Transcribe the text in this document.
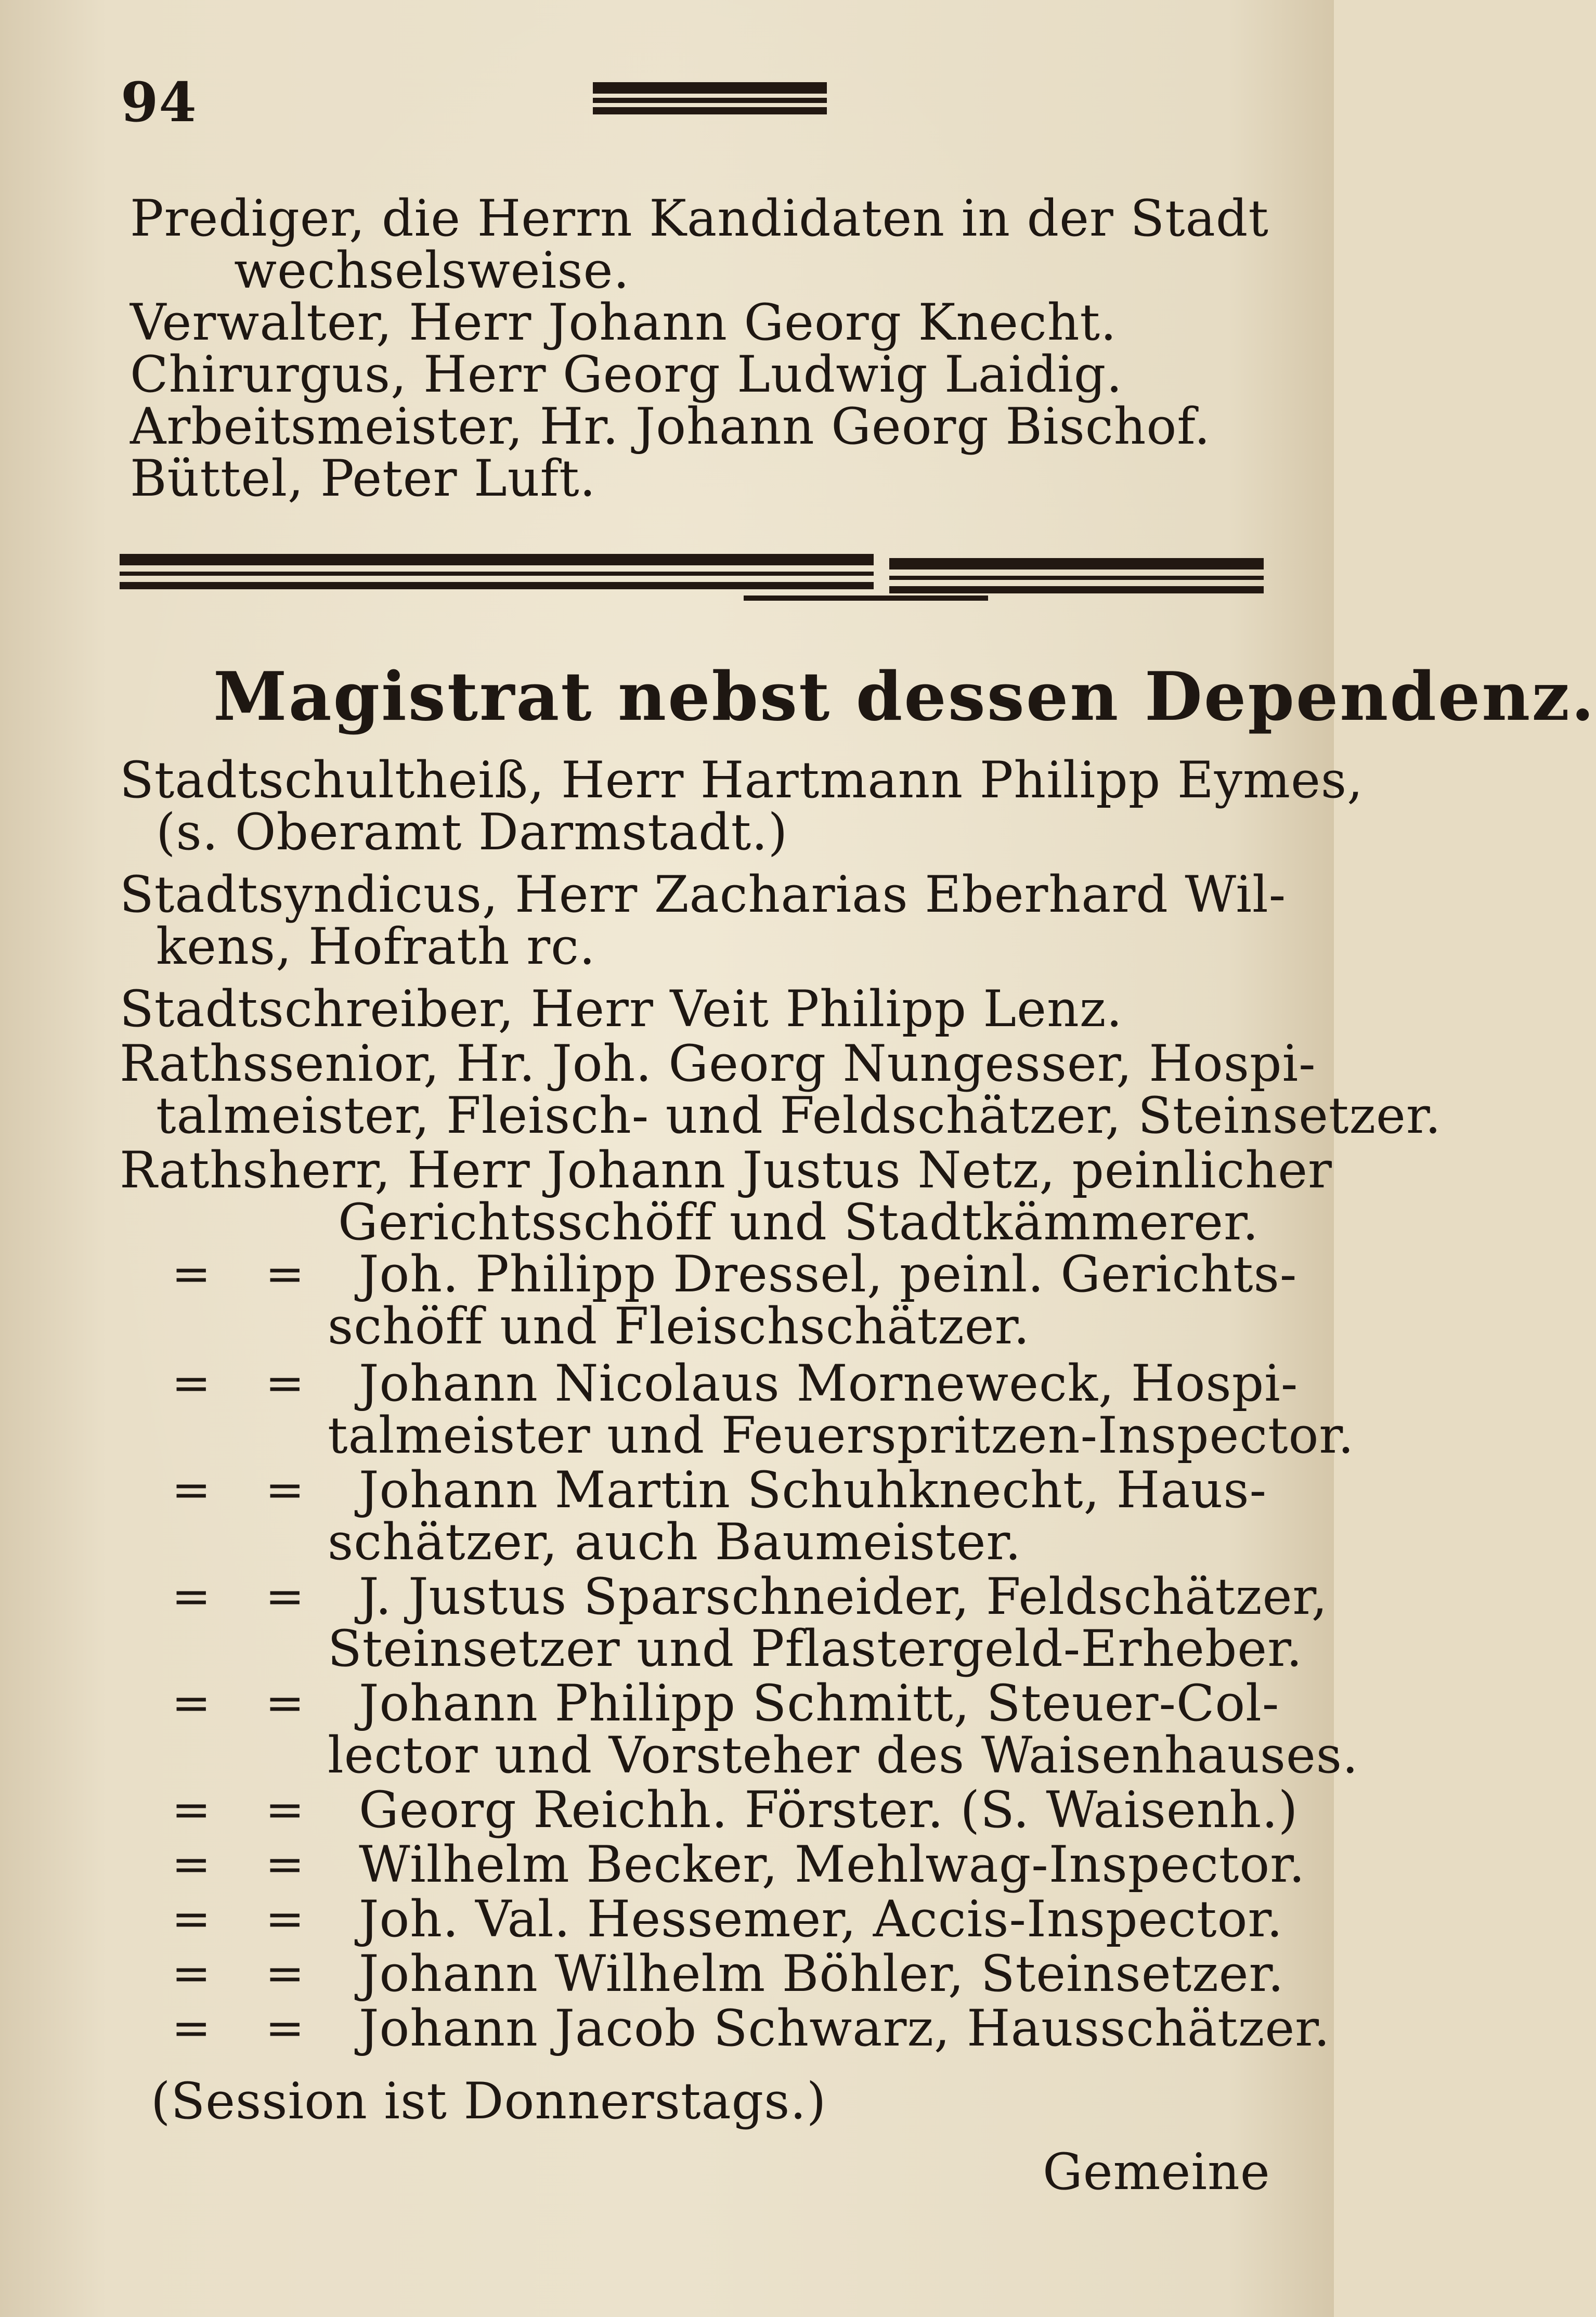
94
Prediger, die Herrn Kandidaten in der Stadt
wechselsweise.
Verwalter, Herr Johann Georg Knecht.
Chirurgus, Herr Georg Ludwig Laidig.
Arbeitsmeister, Hr. Johann Georg Bischof.
Büttel, Peter Luft.
Magistrat nebst dessen Dependenz.
Stadtschultheiß, Herr Hartmann Philipp Eymes,
(s. Oberamt Darmstadt.)
Stadtsyndicus, Herr Zacharias Eberhard Wil-
kens, Hofrath rc.
Stadtschreiber, Herr Veit Philipp Lenz.
Rathssenior, Hr. Joh. Georg Nungesser, Hospi-
talmeister, Fleisch- und Feldschätzer, Steinsetzer.
Rathsherr, Herr Johann Justus Netz, peinlicher
Gerichtsschöff und Stadtkämmerer.
= = Joh. Philipp Dressel, peinl. Gerichts-
schöff und Fleischschätzer.
= = Johann Nicolaus Morneweck, Hospi-
talmeister und Feuerspritzen-Inspector.
= = Johann Martin Schuhknecht, Haus-
schätzer, auch Baumeister.
= = J. Justus Sparschneider, Feldschätzer,
Steinsetzer und Pflastergeld-Erheber.
= = Johann Philipp Schmitt, Steuer-Col-
lector und Vorsteher des Waisenhauses.
= = Georg Reichh. Förster. (S. Waisenh.)
= = Wilhelm Becker, Mehlwag-Inspector.
= = Joh. Val. Hessemer, Accis-Inspector.
= = Johann Wilhelm Böhler, Steinsetzer.
= = Johann Jacob Schwarz, Hausschätzer.
(Session ist Donnerstags.)
Gemeine
